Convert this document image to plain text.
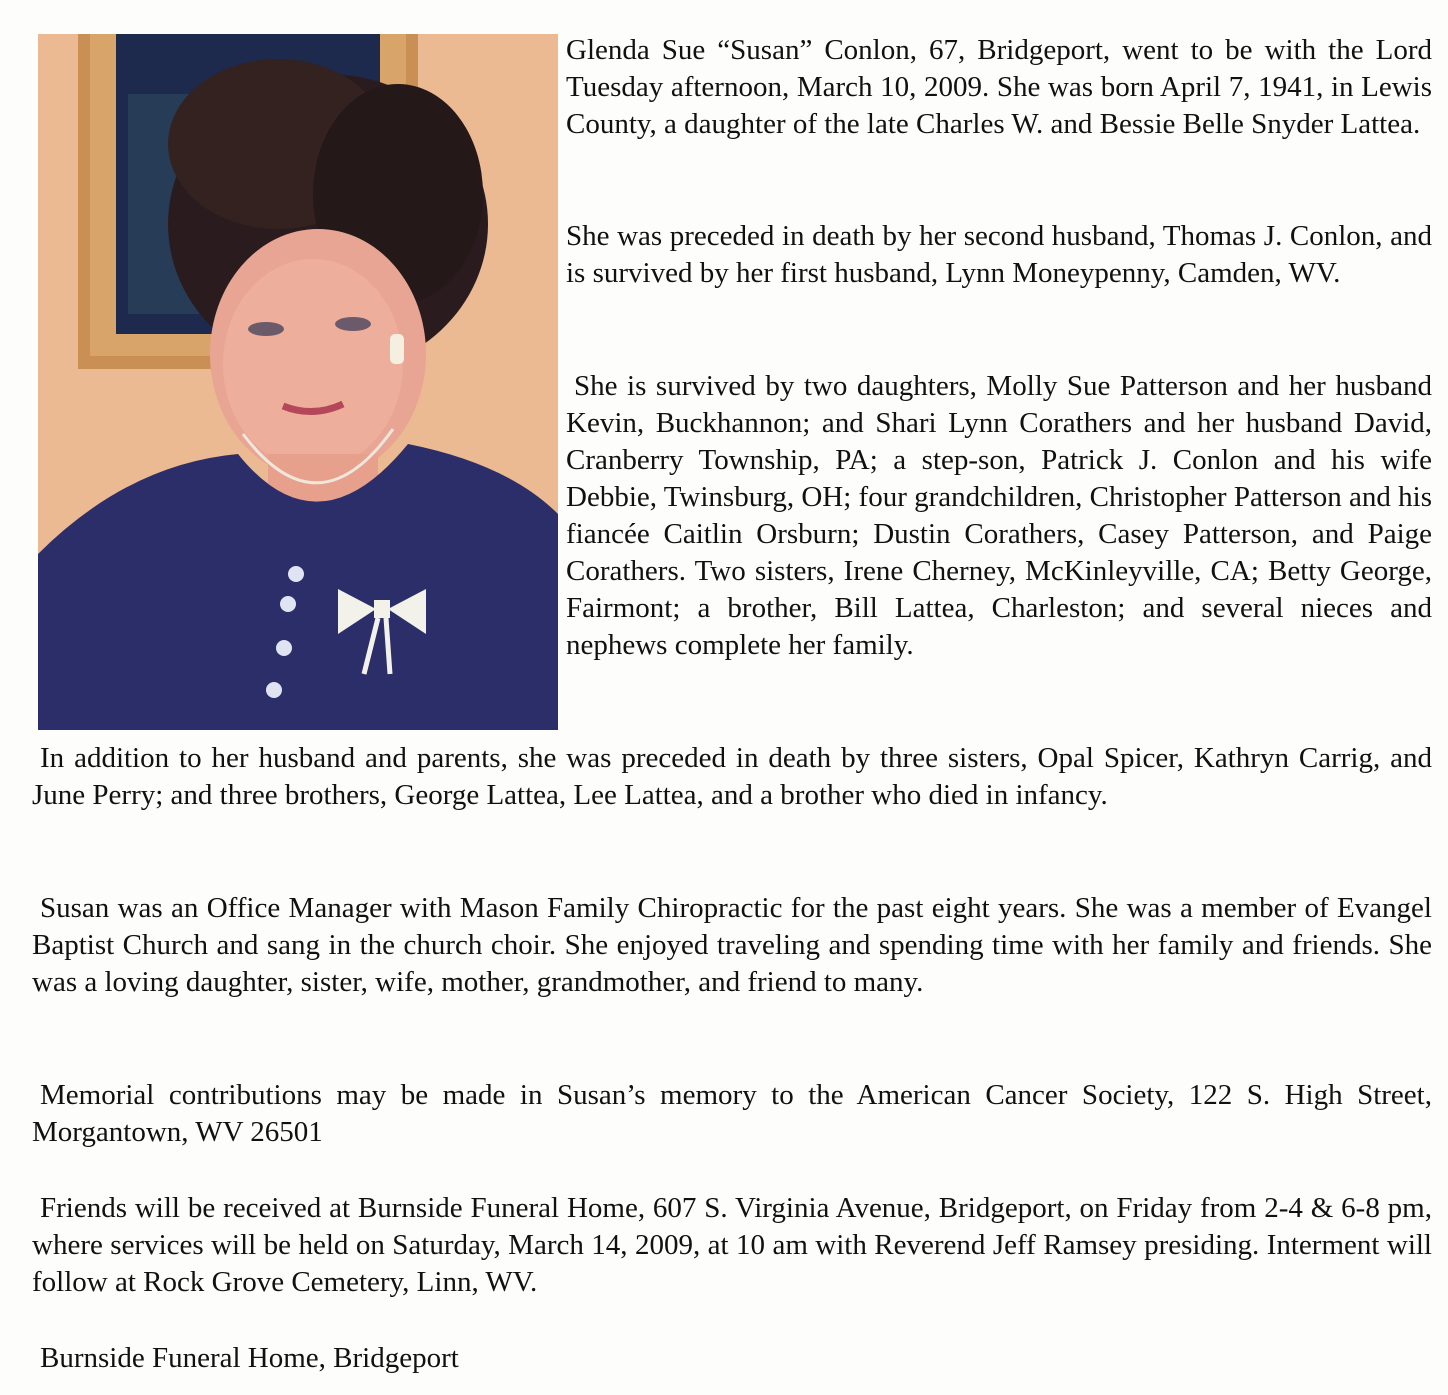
Glenda Sue “Susan” Conlon, 67, Bridgeport, went to be with the Lord Tuesday afternoon, March 10, 2009. She was born April 7, 1941, in Lewis County, a daughter of the late Charles W. and Bessie Belle Snyder Lattea.

She was preceded in death by her second husband, Thomas J. Conlon, and is survived by her first husband, Lynn Moneypenny, Camden, WV.

She is survived by two daughters, Molly Sue Patterson and her husband Kevin, Buckhannon; and Shari Lynn Corathers and her husband David, Cranberry Township, PA; a step-son, Patrick J. Conlon and his wife Debbie, Twinsburg, OH; four grandchildren, Christopher Patterson and his fiancée Caitlin Orsburn; Dustin Corathers, Casey Patterson, and Paige Corathers. Two sisters, Irene Cherney, McKinleyville, CA; Betty George, Fairmont; a brother, Bill Lattea, Charleston; and several nieces and nephews complete her family.

In addition to her husband and parents, she was preceded in death by three sisters, Opal Spicer, Kathryn Carrig, and June Perry; and three brothers, George Lattea, Lee Lattea, and a brother who died in infancy.

Susan was an Office Manager with Mason Family Chiropractic for the past eight years. She was a member of Evangel Baptist Church and sang in the church choir. She enjoyed traveling and spending time with her family and friends. She was a loving daughter, sister, wife, mother, grandmother, and friend to many.

Memorial contributions may be made in Susan’s memory to the American Cancer Society, 122 S. High Street, Morgantown, WV 26501

Friends will be received at Burnside Funeral Home, 607 S. Virginia Avenue, Bridgeport, on Friday from 2-4 & 6-8 pm, where services will be held on Saturday, March 14, 2009, at 10 am with Reverend Jeff Ramsey presiding. Interment will follow at Rock Grove Cemetery, Linn, WV.

Burnside Funeral Home, Bridgeport
